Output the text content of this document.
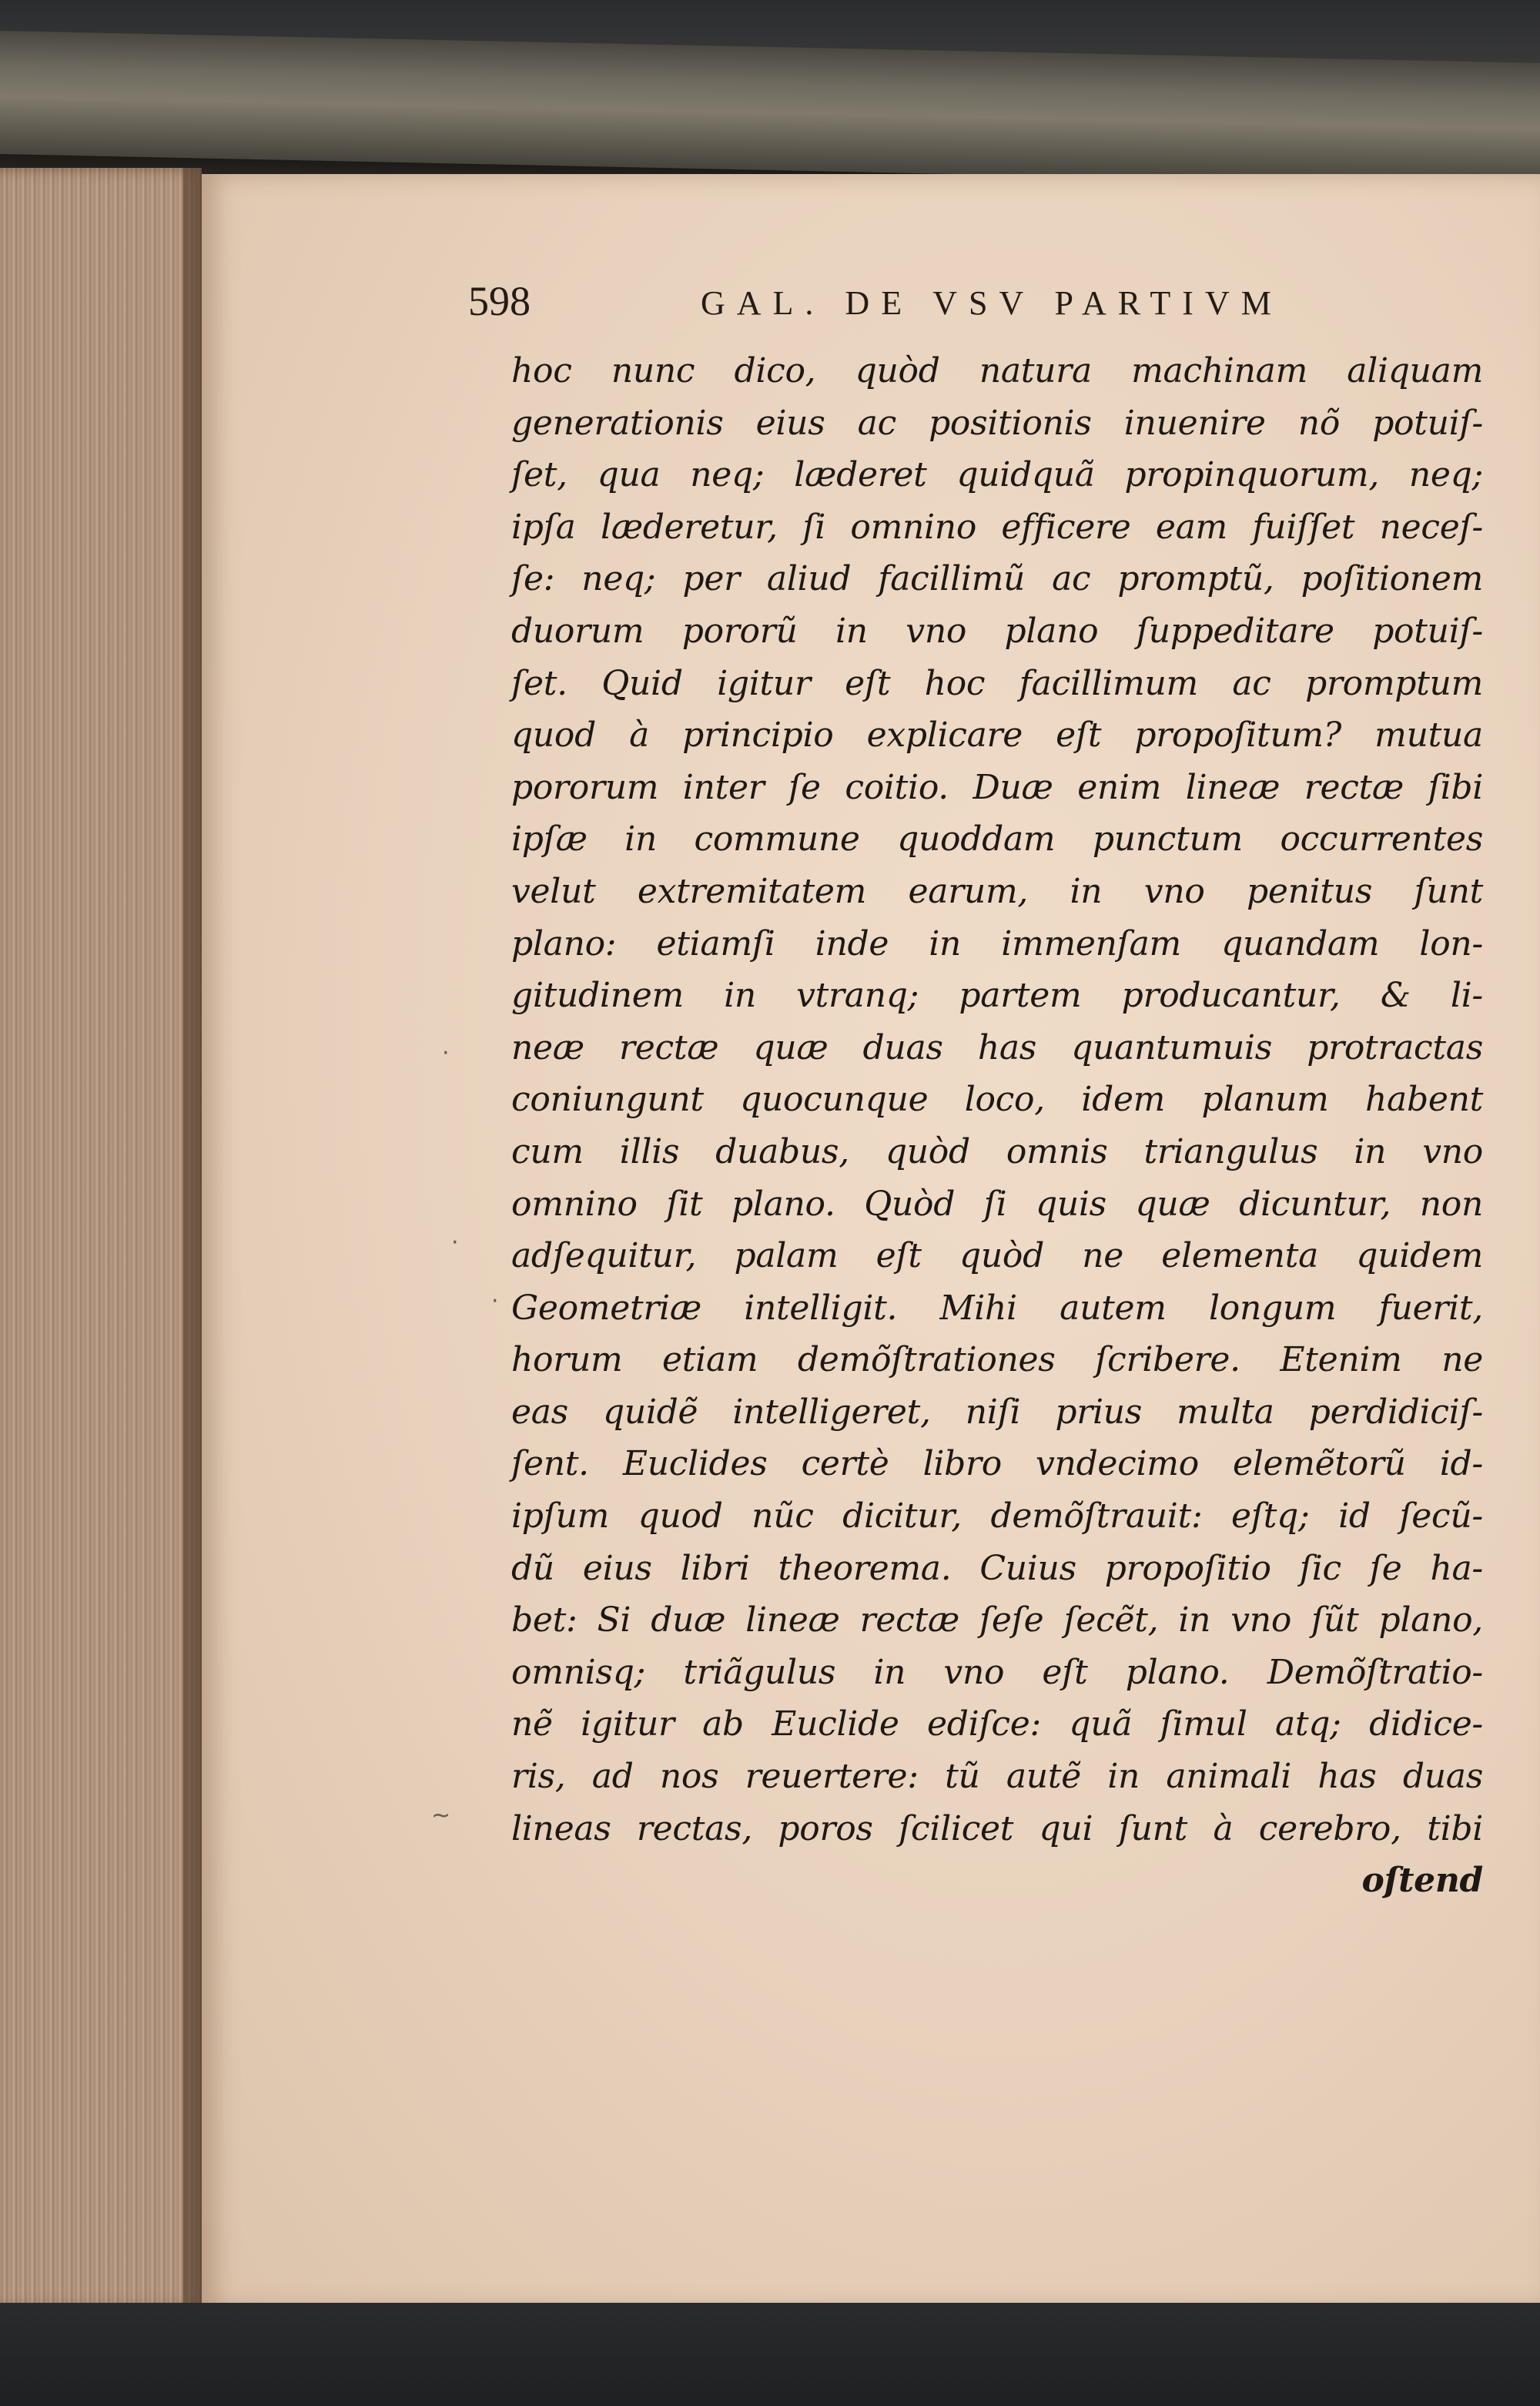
598	GAL. DE VSV PARTIVM
hoc nunc dico, quòd natura machinam aliquam
generationis eius ac positionis inuenire nõ potuiſ-
ſet, qua neq; læderet quidquã propinquorum, neq;
ipſa læderetur, ſi omnino efficere eam fuiſſet neceſ-
ſe: neq; per aliud facillimũ ac promptũ, poſitionem
duorum pororũ in vno plano ſuppeditare potuiſ-
ſet. Quid igitur eſt hoc facillimum ac promptum
quod à principio explicare eſt propoſitum? mutua
pororum inter ſe coitio. Duæ enim lineæ rectæ ſibi
ipſæ in commune quoddam punctum occurrentes
velut extremitatem earum, in vno penitus ſunt
plano: etiamſi inde in immenſam quandam lon-
gitudinem in vtranq; partem producantur, & li-
neæ rectæ quæ duas has quantumuis protractas
coniungunt quocunque loco, idem planum habent
cum illis duabus, quòd omnis triangulus in vno
omnino ſit plano. Quòd ſi quis quæ dicuntur, non
adſequitur, palam eſt quòd ne elementa quidem
Geometriæ intelligit. Mihi autem longum fuerit,
horum etiam demõſtrationes ſcribere. Etenim ne
eas quidẽ intelligeret, niſi prius multa perdidiciſ-
ſent. Euclides certè libro vndecimo elemẽtorũ id-
ipſum quod nũc dicitur, demõſtrauit: eſtq; id ſecũ-
dũ eius libri theorema. Cuius propoſitio ſic ſe ha-
bet: Si duæ lineæ rectæ ſeſe ſecẽt, in vno ſũt plano,
omnisq; triãgulus in vno eſt plano. Demõſtratio-
nẽ igitur ab Euclide ediſce: quã ſimul atq; didice-
ris, ad nos reuertere: tũ autẽ in animali has duas
lineas rectas, poros ſcilicet qui ſunt à cerebro, tibi
oſtend
·
·
·
~
